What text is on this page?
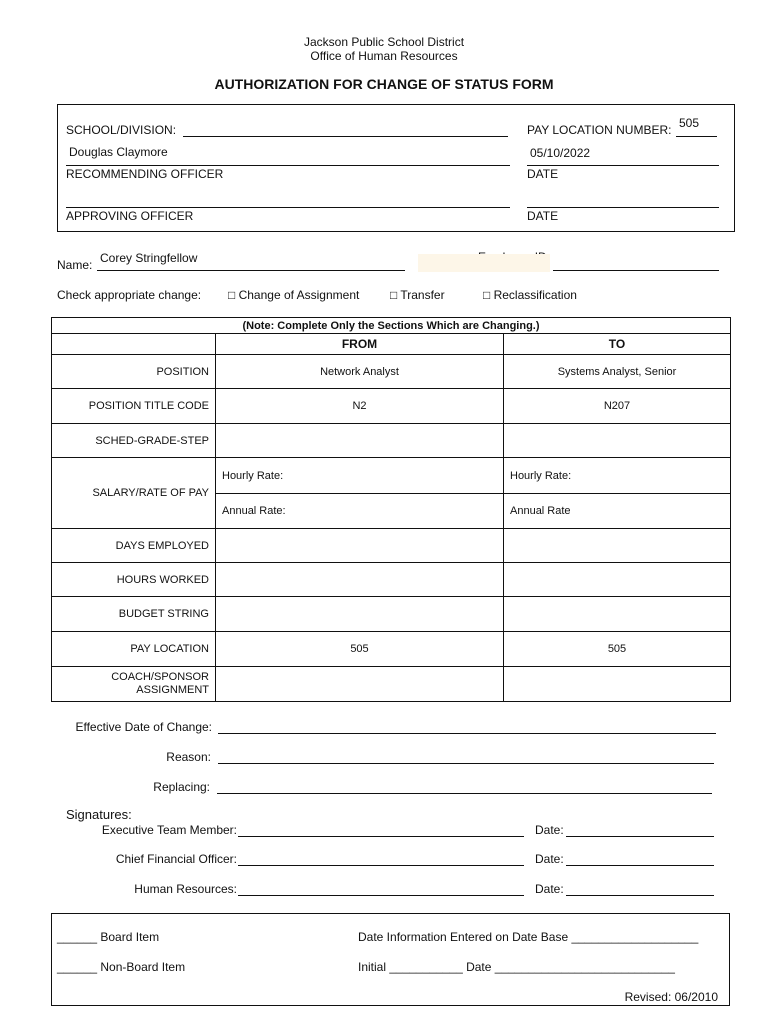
Jackson Public School District
Office of Human Resources
AUTHORIZATION FOR CHANGE OF STATUS FORM
SCHOOL/DIVISION:	PAY LOCATION NUMBER: 505
Douglas Claymore
RECOMMENDING OFFICER
05/10/2022
DATE
APPROVING OFFICER	DATE
Name: Corey Stringfellow
Check appropriate change: □ Change of Assignment	□ Transfer	□ Reclassification
(Note: Complete Only the Sections Which are Changing.)		
	FROM	TO
POSITION	Network Analyst	Systems Analyst, Senior
POSITION TITLE CODE	N2	N207
SCHED-GRADE-STEP		
SALARY/RATE OF PAY	Hourly Rate:	Hourly Rate:
	Annual Rate:	Annual Rate
DAYS EMPLOYED		
HOURS WORKED		
BUDGET STRING		
PAY LOCATION	505	505

COACH/SPONSOR
ASSIGNMENT		

Effective Date of Change:
Reason:
Replacing:
Signatures:
Executive Team Member:	Date:
Chief Financial Officer:	Date:
Human Resources:	Date:
______ Board Item
______ Non-Board Item
Date Information Entered on Date Base ___________________
Initial ___________ Date ___________________________
Revised: 06/2010
